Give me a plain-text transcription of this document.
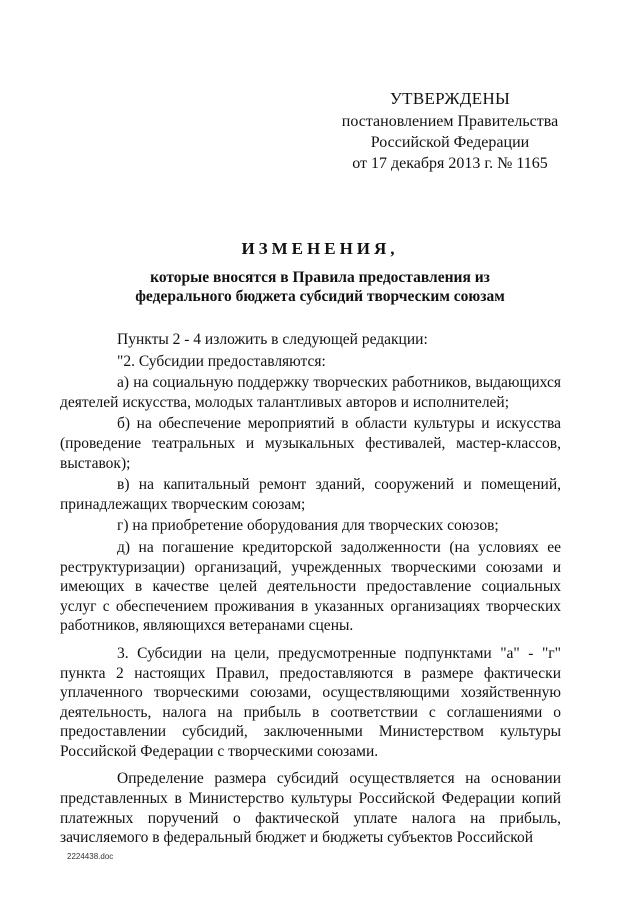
УТВЕРЖДЕНЫ
постановлением Правительства
Российской Федерации
от 17 декабря 2013 г. № 1165
ИЗМЕНЕНИЯ,
которые вносятся в Правила предоставления из федерального бюджета субсидий творческим союзам

Пункты 2 - 4 изложить в следующей редакции:

"2. Субсидии предоставляются:

а) на социальную поддержку творческих работников, выдающихся деятелей искусства, молодых талантливых авторов и исполнителей;

б) на обеспечение мероприятий в области культуры и искусства (проведение театральных и музыкальных фестивалей, мастер-классов, выставок);

в) на капитальный ремонт зданий, сооружений и помещений, принадлежащих творческим союзам;

г) на приобретение оборудования для творческих союзов;

д) на погашение кредиторской задолженности (на условиях ее реструктуризации) организаций, учрежденных творческими союзами и имеющих в качестве целей деятельности предоставление социальных услуг с обеспечением проживания в указанных организациях творческих работников, являющихся ветеранами сцены.

3. Субсидии на цели, предусмотренные подпунктами "а" - "г" пункта 2 настоящих Правил, предоставляются в размере фактически уплаченного творческими союзами, осуществляющими хозяйственную деятельность, налога на прибыль в соответствии с соглашениями о предоставлении субсидий, заключенными Министерством культуры Российской Федерации с творческими союзами.

Определение размера субсидий осуществляется на основании представленных в Министерство культуры Российской Федерации копий платежных поручений о фактической уплате налога на прибыль, зачисляемого в федеральный бюджет и бюджеты субъектов Российской

2224438.doc
